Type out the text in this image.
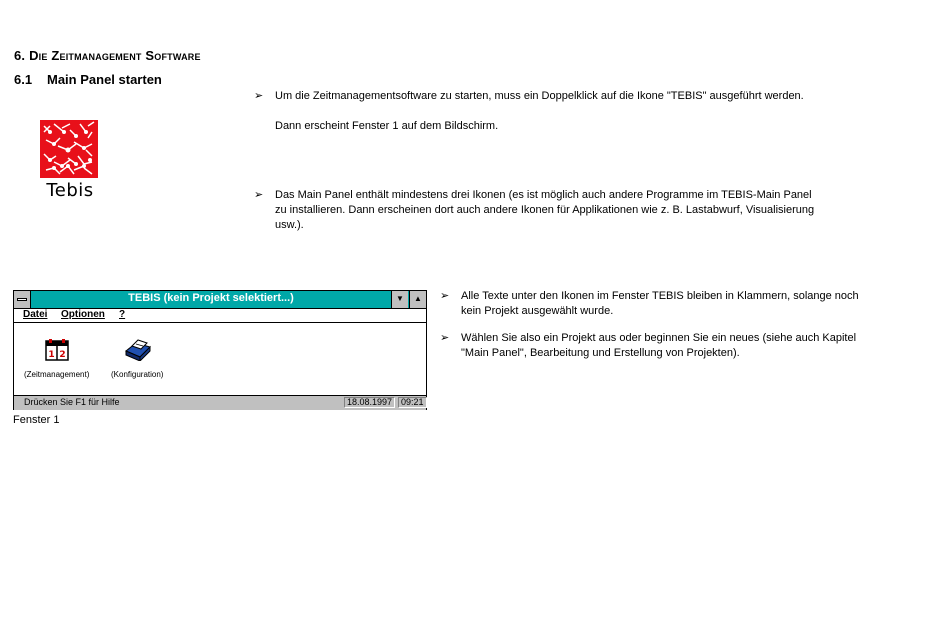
6. Die Zeitmanagement Software
6.1 Main Panel starten
Tebis
➢ Um die Zeitmanagementsoftware zu starten, muss ein Doppelklick auf die Ikone "TEBIS" ausgeführt werden.

Dann erscheint Fenster 1 auf dem Bildschirm.

➢ Das Main Panel enthält mindestens drei Ikonen (es ist möglich auch andere Programme im TEBIS-Main Panel zu installieren. Dann erscheinen dort auch andere Ikonen für Applikationen wie z. B. Lastabwurf, Visualisierung usw.).

TEBIS (kein Projekt selektiert...)	▼	▲
Datei Optionen ?
1 2
(Zeitmanagement)	(Konfiguration)
Drücken Sie F1 für Hilfe	18.08.1997 09:21
Fenster 1
➢ Alle Texte unter den Ikonen im Fenster TEBIS bleiben in Klammern, solange noch kein Projekt ausgewählt wurde.

➢ Wählen Sie also ein Projekt aus oder beginnen Sie ein neues (siehe auch Kapitel "Main Panel", Bearbeitung und Erstellung von Projekten).
